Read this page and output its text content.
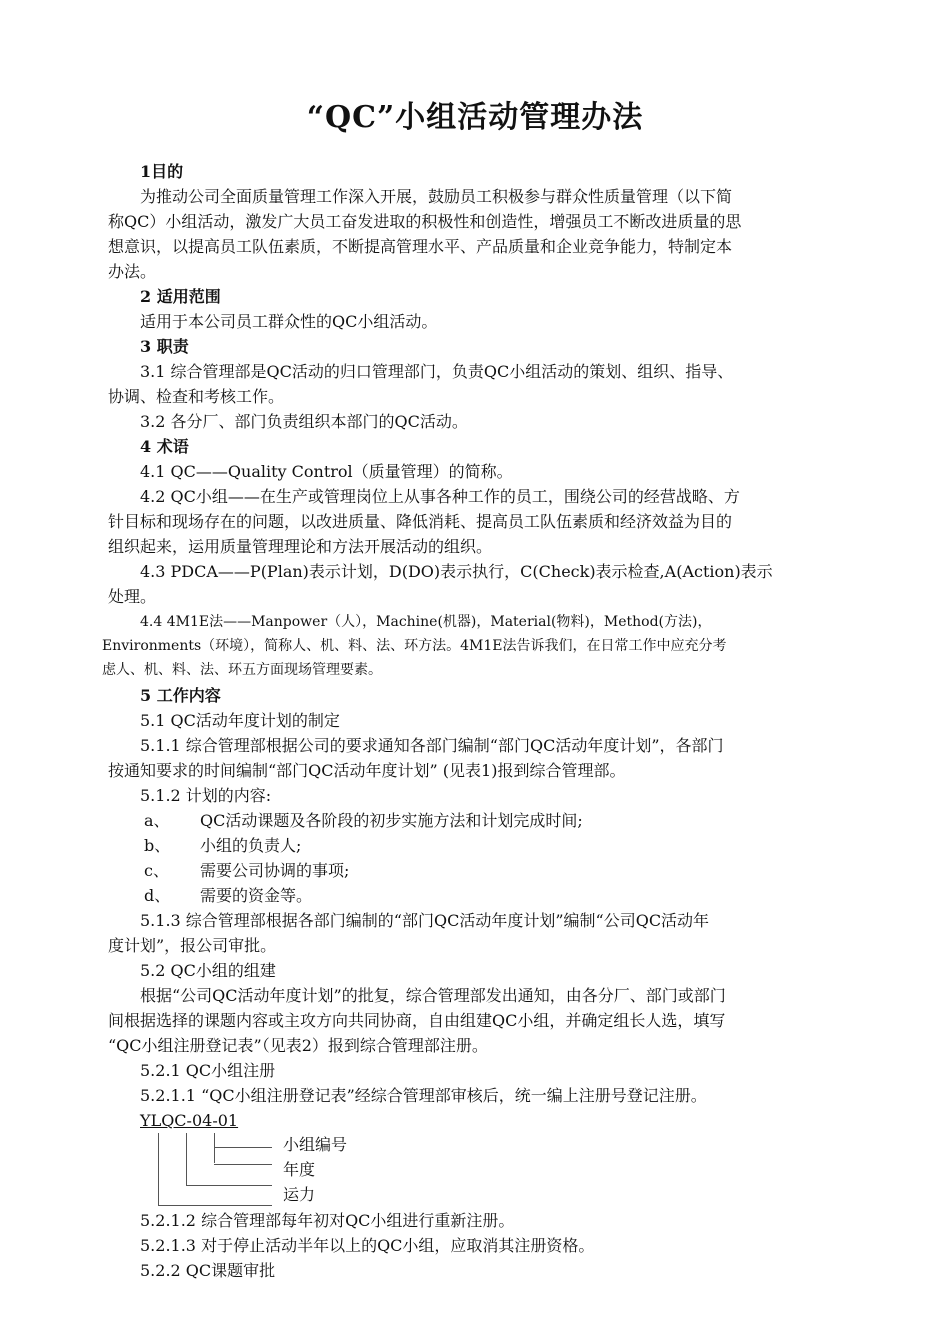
“QC”小组活动管理办法
1目的
为推动公司全面质量管理工作深入开展，鼓励员工积极参与群众性质量管理（以下简
称QC）小组活动，激发广大员工奋发进取的积极性和创造性，增强员工不断改进质量的思
想意识，以提高员工队伍素质，不断提高管理水平、产品质量和企业竞争能力，特制定本
办法。
2 适用范围
适用于本公司员工群众性的QC小组活动。
3 职责
3.1 综合管理部是QC活动的归口管理部门，负责QC小组活动的策划、组织、指导、
协调、检查和考核工作。
3.2 各分厂、部门负责组织本部门的QC活动。
4 术语
4.1 QC——Quality Control（质量管理）的简称。
4.2 QC小组——在生产或管理岗位上从事各种工作的员工，围绕公司的经营战略、方
针目标和现场存在的问题，以改进质量、降低消耗、提高员工队伍素质和经济效益为目的
组织起来，运用质量管理理论和方法开展活动的组织。
4.3 PDCA——P(Plan)表示计划，D(DO)表示执行，C(Check)表示检查,A(Action)表示
处理。
4.4 4M1E法——Manpower（人），Machine(机器)，Material(物料)，Method(方法)，
Environments（环境），简称人、机、料、法、环方法。4M1E法告诉我们，在日常工作中应充分考
虑人、机、料、法、环五方面现场管理要素。
5 工作内容
5.1 QC活动年度计划的制定
5.1.1 综合管理部根据公司的要求通知各部门编制“部门QC活动年度计划”，各部门
按通知要求的时间编制“部门QC活动年度计划” (见表1)报到综合管理部。
5.1.2 计划的内容:
a、 QC活动课题及各阶段的初步实施方法和计划完成时间;
b、 小组的负责人;
c、 需要公司协调的事项;
d、 需要的资金等。
5.1.3 综合管理部根据各部门编制的“部门QC活动年度计划”编制“公司QC活动年
度计划”，报公司审批。
5.2 QC小组的组建
根据“公司QC活动年度计划”的批复，综合管理部发出通知，由各分厂、部门或部门
间根据选择的课题内容或主攻方向共同协商，自由组建QC小组，并确定组长人选，填写
“QC小组注册登记表”（见表2）报到综合管理部注册。
5.2.1 QC小组注册
5.2.1.1 “QC小组注册登记表”经综合管理部审核后，统一编上注册号登记注册。
YLQC-04-01
小组编号
年度
运力
5.2.1.2 综合管理部每年初对QC小组进行重新注册。
5.2.1.3 对于停止活动半年以上的QC小组，应取消其注册资格。
5.2.2 QC课题审批
